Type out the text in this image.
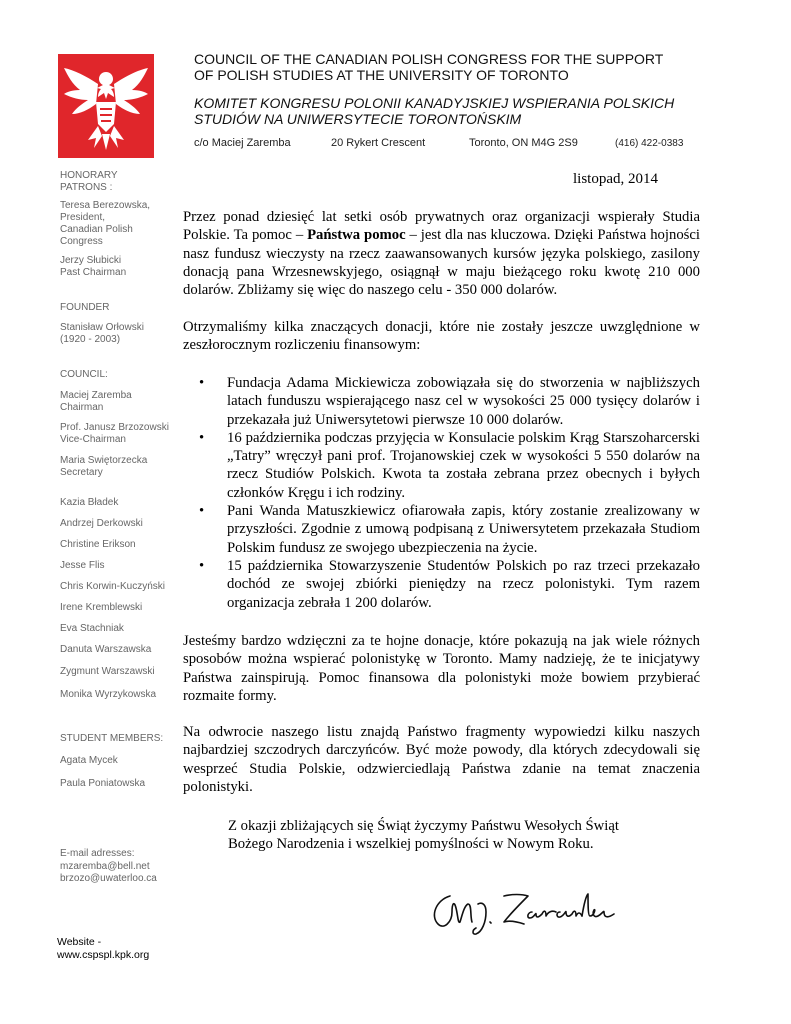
COUNCIL OF THE CANADIAN POLISH CONGRESS FOR THE SUPPORT
OF POLISH STUDIES AT THE UNIVERSITY OF TORONTO
KOMITET KONGRESU POLONII KANADYJSKIEJ WSPIERANIA POLSKICH
STUDIÓW NA UNIWERSYTECIE TORONTOŃSKIM
c/o Maciej Zaremba	20 Rykert Crescent	Toronto, ON M4G 2S9	(416) 422-0383
HONORARY
PATRONS :
Teresa Berezowska,
President,
Canadian Polish
Congress
Jerzy Słubicki
Past Chairman
FOUNDER
Stanisław Orłowski
(1920 - 2003)
COUNCIL:
Maciej Zaremba
Chairman
Prof. Janusz Brzozowski
Vice-Chairman
Maria Swiętorzecka
Secretary
Kazia Bładek
Andrzej Derkowski
Christine Erikson
Jesse Flis
Chris Korwin-Kuczyński
Irene Kremblewski
Eva Stachniak
Danuta Warszawska
Zygmunt Warszawski
Monika Wyrzykowska
STUDENT MEMBERS:
Agata Mycek
Paula Poniatowska
E-mail adresses:
mzaremba@bell.net
brzozo@uwaterloo.ca
Website -
www.cspspl.kpk.org
listopad, 2014
Przez ponad dziesięć lat setki osób prywatnych oraz organizacji wspierały Studia Polskie. Ta pomoc – Państwa pomoc – jest dla nas kluczowa. Dzięki Państwa hojności nasz fundusz wieczysty na rzecz zaawansowanych kursów języka polskiego, zasilony donacją pana Wrzesnewskyjego, osiągnął w maju bieżącego roku kwotę 210 000 dolarów. Zbliżamy się więc do naszego celu - 350 000 dolarów.
Otrzymaliśmy kilka znaczących donacji, które nie zostały jeszcze uwzględnione w zeszłorocznym rozliczeniu finansowym:
• Fundacja Adama Mickiewicza zobowiązała się do stworzenia w najbliższych latach funduszu wspierającego nasz cel w wysokości 25 000 tysięcy dolarów i przekazała już Uniwersytetowi pierwsze 10 000 dolarów.
• 16 października podczas przyjęcia w Konsulacie polskim Krąg Starszoharcerski „Tatry” wręczył pani prof. Trojanowskiej czek w wysokości 5 550 dolarów na rzecz Studiów Polskich. Kwota ta została zebrana przez obecnych i byłych członków Kręgu i ich rodziny.
• Pani Wanda Matuszkiewicz ofiarowała zapis, który zostanie zrealizowany w przyszłości. Zgodnie z umową podpisaną z Uniwersytetem przekazała Studiom Polskim fundusz ze swojego ubezpieczenia na życie.
• 15 października Stowarzyszenie Studentów Polskich po raz trzeci przekazało dochód ze swojej zbiórki pieniędzy na rzecz polonistyki. Tym razem organizacja zebrała 1 200 dolarów.
Jesteśmy bardzo wdzięczni za te hojne donacje, które pokazują na jak wiele różnych sposobów można wspierać polonistykę w Toronto. Mamy nadzieję, że te inicjatywy Państwa zainspirują. Pomoc finansowa dla polonistyki może bowiem przybierać rozmaite formy.
Na odwrocie naszego listu znajdą Państwo fragmenty wypowiedzi kilku naszych najbardziej szczodrych darczyńców. Być może powody, dla których zdecydowali się wesprzeć Studia Polskie, odzwierciedlają Państwa zdanie na temat znaczenia polonistyki.
Z okazji zbliżających się Świąt życzymy Państwu Wesołych Świąt
Bożego Narodzenia i wszelkiej pomyślności w Nowym Roku.
